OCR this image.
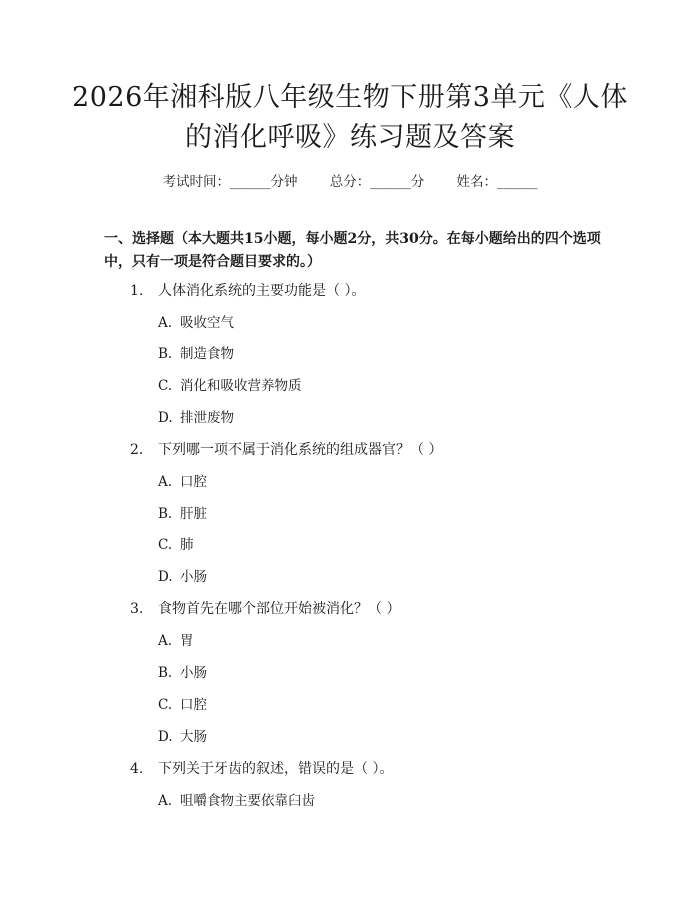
2026年湘科版八年级生物下册第3单元《人体的消化呼吸》练习题及答案
考试时间：______分钟 总分：______分 姓名：______
一、选择题（本大题共15小题，每小题2分，共30分。在每小题给出的四个选项中，只有一项是符合题目要求的。）
1. 人体消化系统的主要功能是（ ）。
A. 吸收空气
B. 制造食物
C. 消化和吸收营养物质
D. 排泄废物
2. 下列哪一项不属于消化系统的组成器官？（ ）
A. 口腔
B. 肝脏
C. 肺
D. 小肠
3. 食物首先在哪个部位开始被消化？（ ）
A. 胃
B. 小肠
C. 口腔
D. 大肠
4. 下列关于牙齿的叙述，错误的是（ ）。
A. 咀嚼食物主要依靠臼齿
